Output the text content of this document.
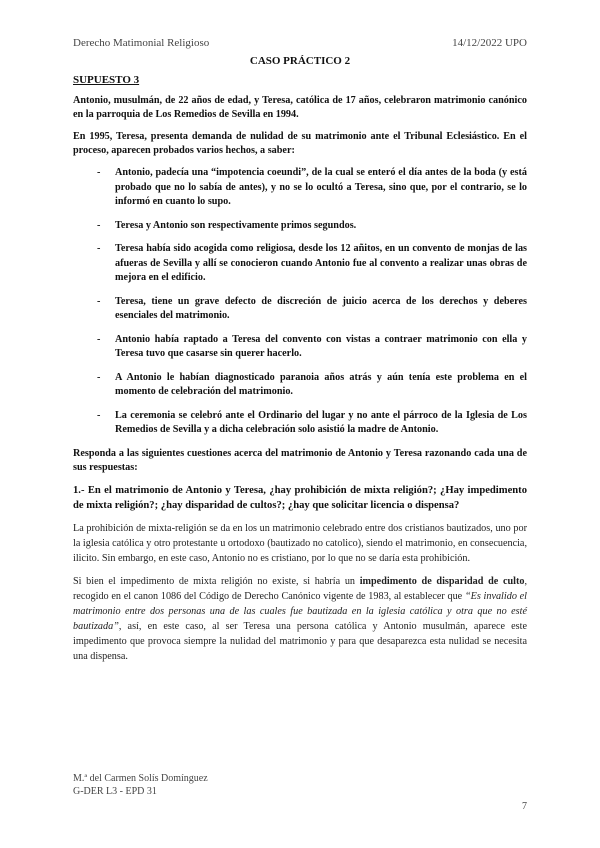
Derecho Matimonial Religioso	14/12/2022 UPO
CASO PRÁCTICO 2
SUPUESTO 3

Antonio, musulmán, de 22 años de edad, y Teresa, católica de 17 años, celebraron matrimonio canónico en la parroquia de Los Remedios de Sevilla en 1994.

En 1995, Teresa, presenta demanda de nulidad de su matrimonio ante el Tribunal Eclesiástico. En el proceso, aparecen probados varios hechos, a saber:

- Antonio, padecía una “impotencia coeundi”, de la cual se enteró el día antes de la boda (y está probado que no lo sabía de antes), y no se lo ocultó a Teresa, sino que, por el contrario, se lo informó en cuanto lo supo.
- Teresa y Antonio son respectivamente primos segundos.
- Teresa había sido acogida como religiosa, desde los 12 añitos, en un convento de monjas de las afueras de Sevilla y allí se conocieron cuando Antonio fue al convento a realizar unas obras de mejora en el edificio.
- Teresa, tiene un grave defecto de discreción de juicio acerca de los derechos y deberes esenciales del matrimonio.
- Antonio había raptado a Teresa del convento con vistas a contraer matrimonio con ella y Teresa tuvo que casarse sin querer hacerlo.
- A Antonio le habían diagnosticado paranoia años atrás y aún tenía este problema en el momento de celebración del matrimonio.
- La ceremonia se celebró ante el Ordinario del lugar y no ante el párroco de la Iglesia de Los Remedios de Sevilla y a dicha celebración solo asistió la madre de Antonio.

Responda a las siguientes cuestiones acerca del matrimonio de Antonio y Teresa razonando cada una de sus respuestas:

1.- En el matrimonio de Antonio y Teresa, ¿hay prohibición de mixta religión?; ¿Hay impedimento de mixta religión?; ¿hay disparidad de cultos?; ¿hay que solicitar licencia o dispensa?

La prohibición de mixta-religión se da en los un matrimonio celebrado entre dos cristianos bautizados, uno por la iglesia católica y otro protestante u ortodoxo (bautizado no catolico), siendo el matrimonio, en consecuencia, ilicito. Sin embargo, en este caso, Antonio no es cristiano, por lo que no se daría esta prohibición.

Si bien el impedimento de mixta religión no existe, si habría un impedimento de disparidad de culto, recogido en el canon 1086 del Código de Derecho Canónico vigente de 1983, al establecer que “Es invalido el matrimonio entre dos personas una de las cuales fue bautizada en la iglesia católica y otra que no esté bautizada”, así, en este caso, al ser Teresa una persona católica y Antonio musulmán, aparece este impedimento que provoca siempre la nulidad del matrimonio y para que desaparezca esta nulidad se necesita una dispensa.

M.ª del Carmen Solís Domínguez
G-DER L3 - EPD 31
7
